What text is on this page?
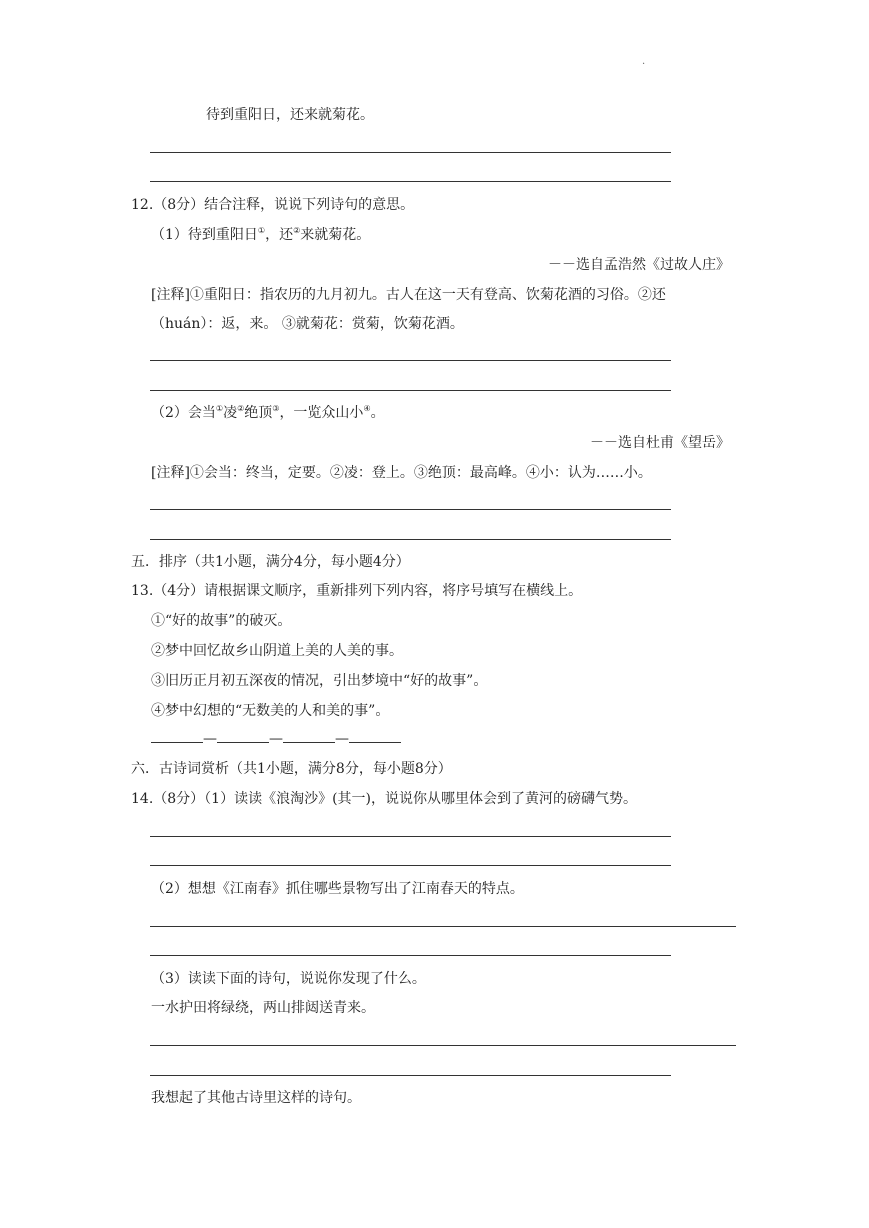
.
待到重阳日，还来就菊花。
12.（8分）结合注释，说说下列诗句的意思。
（1）待到重阳日①，还②来就菊花。
－－选自孟浩然《过故人庄》
[注释]①重阳日：指农历的九月初九。古人在这一天有登高、饮菊花酒的习俗。②还
（huán）：返，来。 ③就菊花：赏菊，饮菊花酒。
（2）会当①凌②绝顶③，一览众山小④。
－－选自杜甫《望岳》
[注释]①会当：终当，定要。②凌：登上。③绝顶：最高峰。④小：认为……小。
五．排序（共1小题，满分4分，每小题4分）
13.（4分）请根据课文顺序，重新排列下列内容，将序号填写在横线上。
①“好的故事”的破灭。
②梦中回忆故乡山阴道上美的人美的事。
③旧历正月初五深夜的情况，引出梦境中“好的故事”。
④梦中幻想的“无数美的人和美的事”。
—	—	—
六．古诗词赏析（共1小题，满分8分，每小题8分）
14.（8分）（1）读读《浪淘沙》(其一)，说说你从哪里体会到了黄河的磅礴气势。
（2）想想《江南春》抓住哪些景物写出了江南春天的特点。
（3）读读下面的诗句，说说你发现了什么。
一水护田将绿绕，两山排闼送青来。
我想起了其他古诗里这样的诗句。
